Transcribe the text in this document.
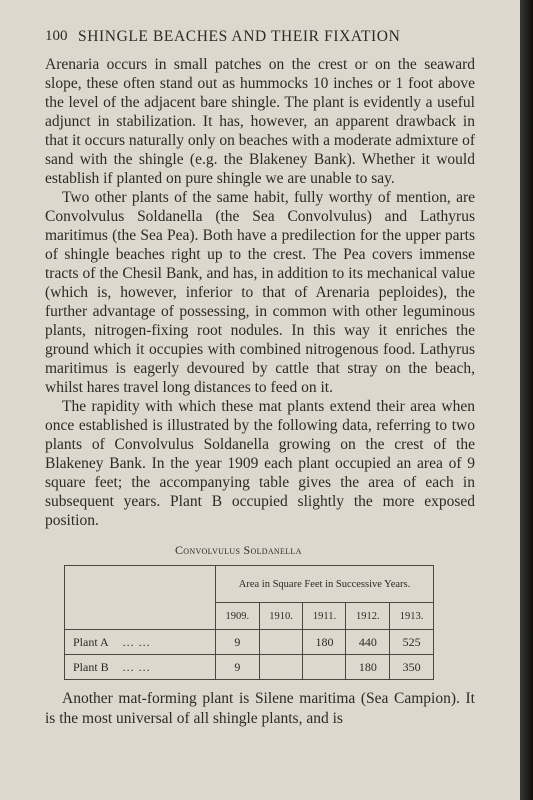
100 SHINGLE BEACHES AND THEIR FIXATION

Arenaria occurs in small patches on the crest or on the seaward slope, these often stand out as hummocks 10 inches or 1 foot above the level of the adjacent bare shingle. The plant is evidently a useful adjunct in stabilization. It has, however, an apparent drawback in that it occurs naturally only on beaches with a moderate admixture of sand with the shingle (e.g. the Blakeney Bank). Whether it would establish if planted on pure shingle we are unable to say.

Two other plants of the same habit, fully worthy of mention, are Convolvulus Soldanella (the Sea Convolvulus) and Lathyrus maritimus (the Sea Pea). Both have a predilection for the upper parts of shingle beaches right up to the crest. The Pea covers immense tracts of the Chesil Bank, and has, in addition to its mechanical value (which is, however, inferior to that of Arenaria peploides), the further advantage of possessing, in common with other leguminous plants, nitrogen-fixing root nodules. In this way it enriches the ground which it occupies with combined nitrogenous food. Lathyrus maritimus is eagerly devoured by cattle that stray on the beach, whilst hares travel long distances to feed on it.

The rapidity with which these mat plants extend their area when once established is illustrated by the following data, referring to two plants of Convolvulus Soldanella growing on the crest of the Blakeney Bank. In the year 1909 each plant occupied an area of 9 square feet; the accompanying table gives the area of each in subsequent years. Plant B occupied slightly the more exposed position.

Convolvulus Soldanella
	Area in Square Feet in Successive Years.				
	1909.	1910.	1911.	1912.	1913.
Plant A ... ...	9		180	440	525
Plant B ... ...	9			180	350

Another mat-forming plant is Silene maritima (Sea Campion). It is the most universal of all shingle plants, and is
